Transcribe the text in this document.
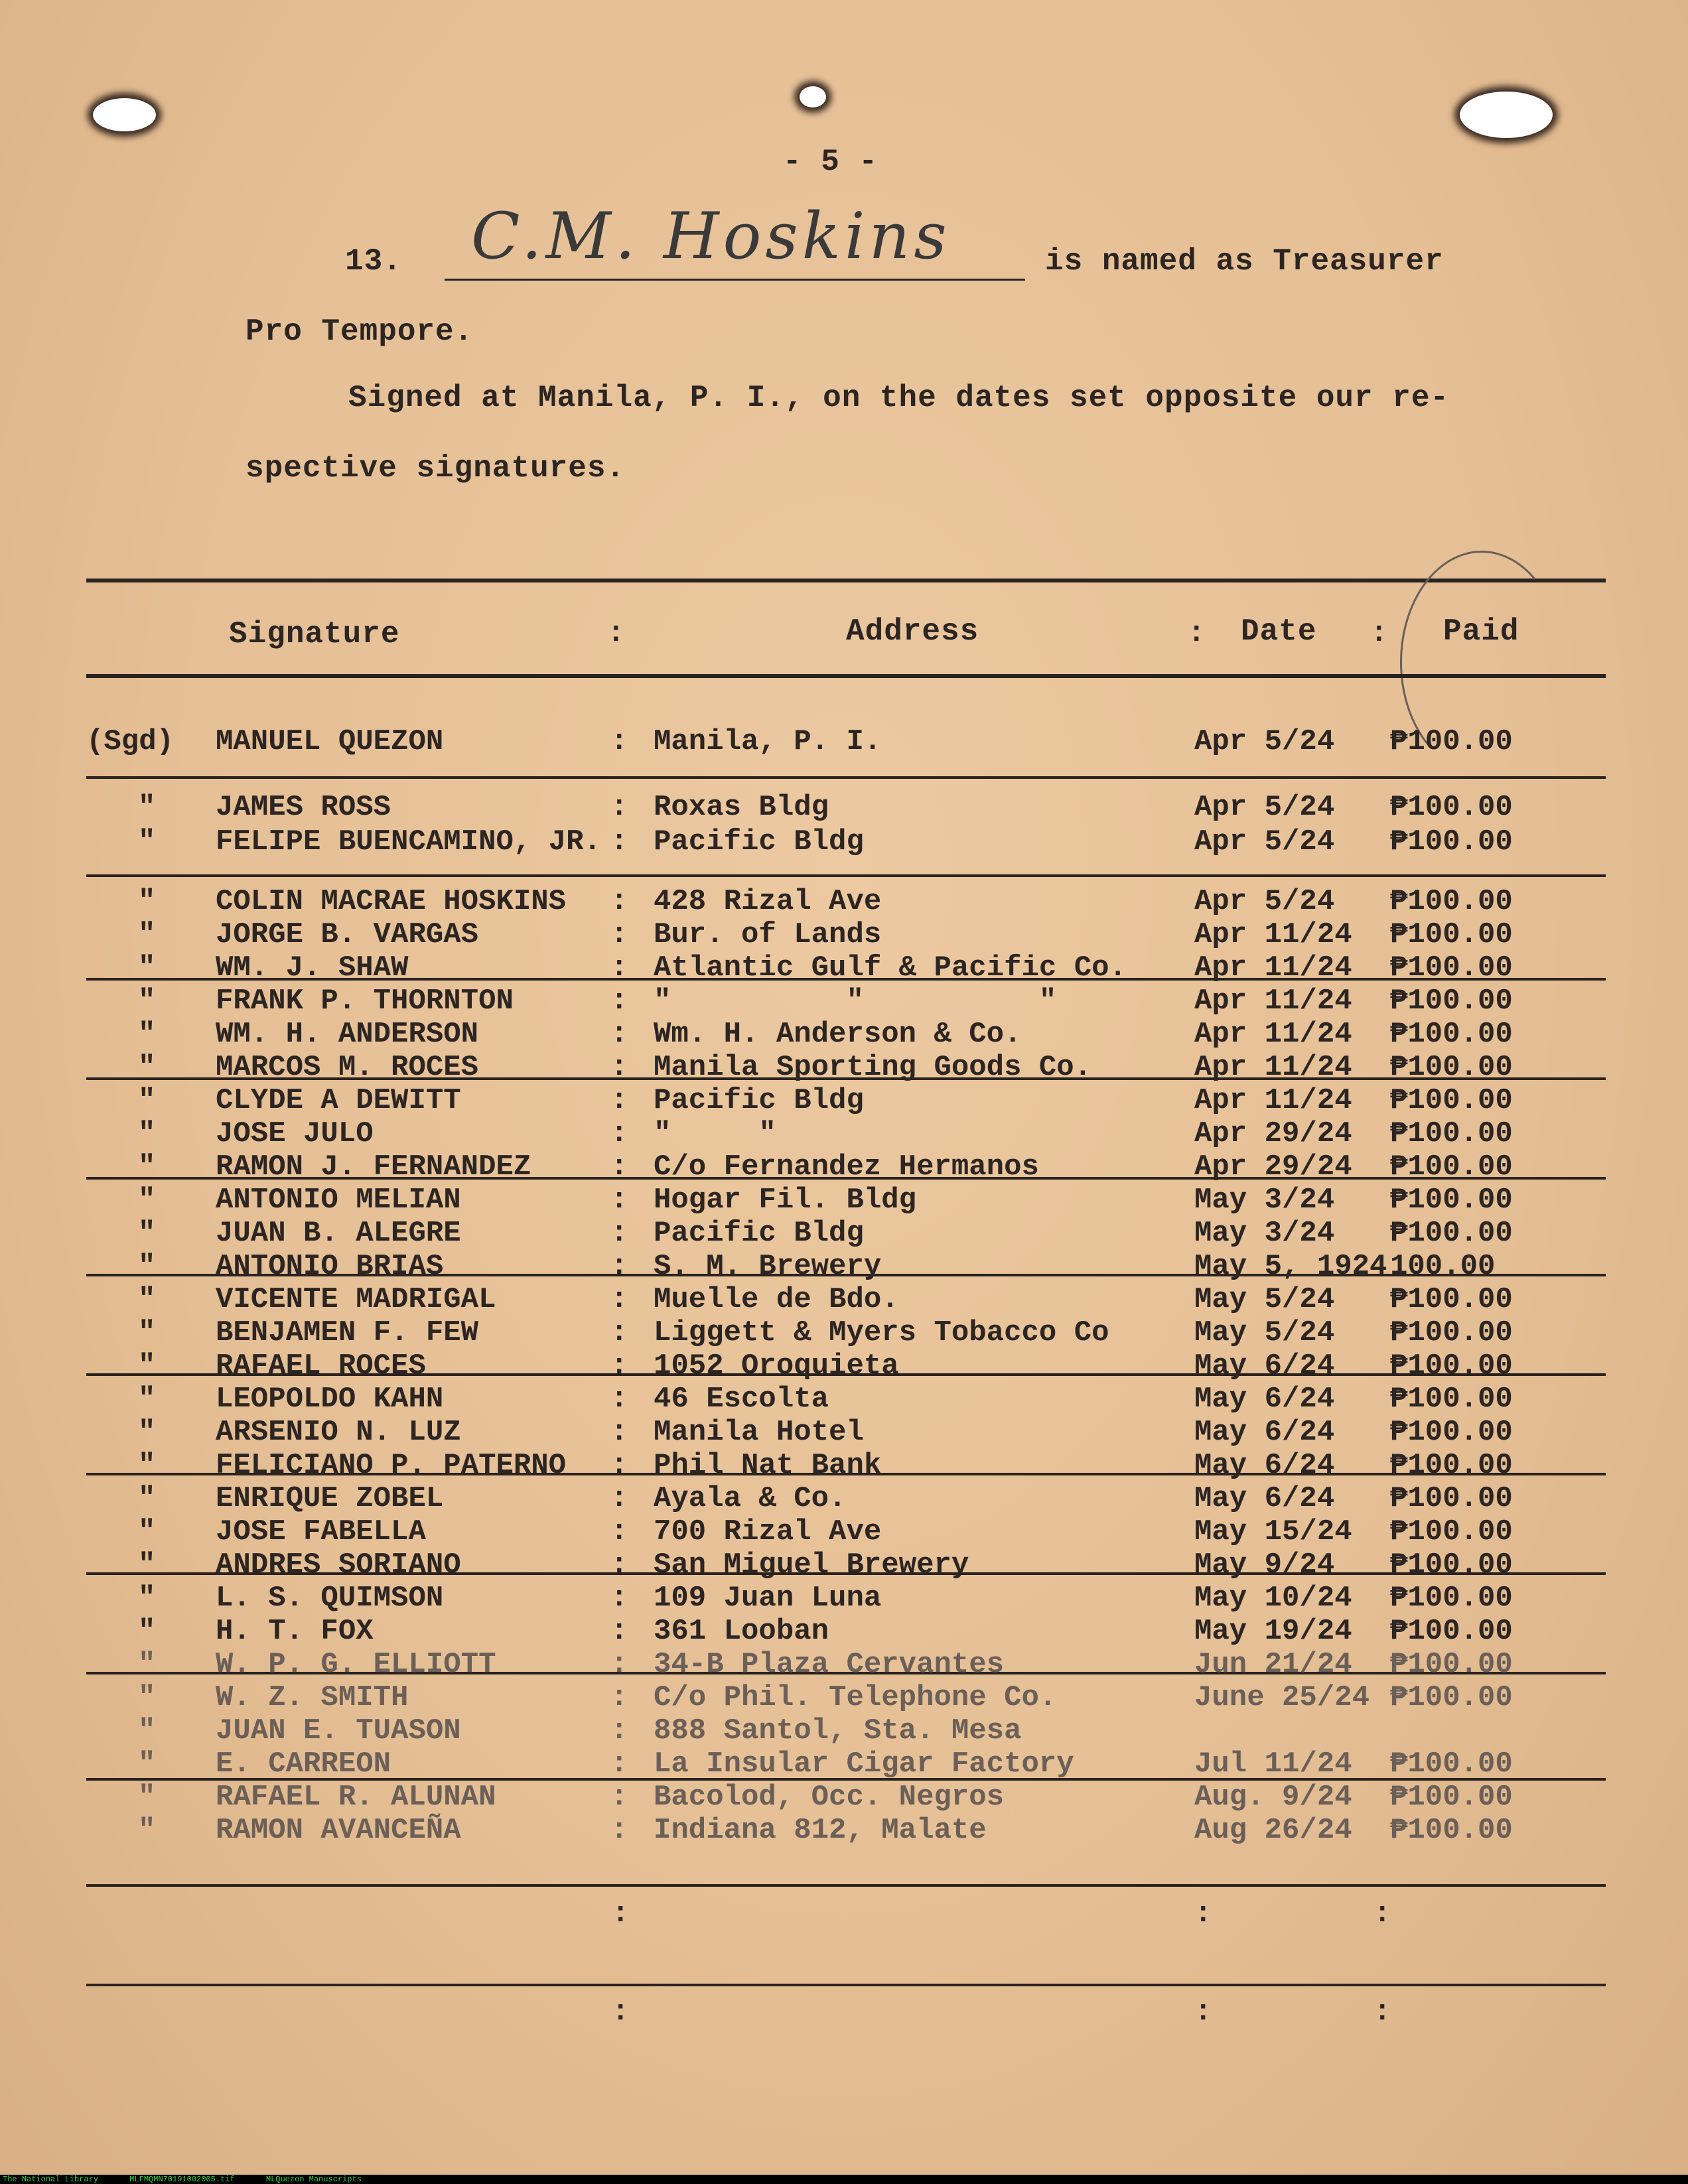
- 5 -
13. C.M. Hoskins	is named as Treasurer
Pro Tempore.
Signed at Manila, P. I., on the dates set opposite our re-
spective signatures.
Signature	:	Address	: Date : Paid
(Sgd) MANUEL QUEZON	Manila, P. I.	Apr 5/24 ₱100.00
:
" JAMES ROSS	Roxas Bldg	Apr 5/24 ₱100.00
:
" FELIPE BUENCAMINO, JR. Pacific Bldg	Apr 5/24 ₱100.00
:
" COLIN MACRAE HOSKINS	428 Rizal Ave	Apr 5/24 ₱100.00
:
" JORGE B. VARGAS	Bur. of Lands	Apr 11/24 ₱100.00
:
" WM. J. SHAW	Atlantic Gulf & Pacific Co. Apr 11/24 ₱100.00
:
" FRANK P. THORNTON	"          "          "	Apr 11/24 ₱100.00
:
" WM. H. ANDERSON	Wm. H. Anderson & Co.	Apr 11/24 ₱100.00
:
" MARCOS M. ROCES	Manila Sporting Goods Co.	Apr 11/24 ₱100.00
:
" CLYDE A DEWITT	Pacific Bldg	Apr 11/24 ₱100.00
:
" JOSE JULO	"     "	Apr 29/24 ₱100.00
:
" RAMON J. FERNANDEZ	C/o Fernandez Hermanos	Apr 29/24 ₱100.00
:
" ANTONIO MELIAN	Hogar Fil. Bldg	May 3/24 ₱100.00
:
" JUAN B. ALEGRE	Pacific Bldg	May 3/24 ₱100.00
:
" ANTONIO BRIAS	S. M. Brewery	May 5, 1924 100.00
:
" VICENTE MADRIGAL	Muelle de Bdo.	May 5/24 ₱100.00
:
" BENJAMEN F. FEW	Liggett & Myers Tobacco Co	May 5/24 ₱100.00
:
" RAFAEL ROCES	1052 Oroquieta	May 6/24 ₱100.00
:
" LEOPOLDO KAHN	46 Escolta	May 6/24 ₱100.00
:
" ARSENIO N. LUZ	Manila Hotel	May 6/24 ₱100.00
:
" FELICIANO P. PATERNO	Phil Nat Bank	May 6/24 ₱100.00
:
" ENRIQUE ZOBEL	Ayala & Co.	May 6/24 ₱100.00
:
" JOSE FABELLA	700 Rizal Ave	May 15/24 ₱100.00
:
" ANDRES SORIANO	San Miguel Brewery	May 9/24 ₱100.00
:
" L. S. QUIMSON	109 Juan Luna	May 10/24 ₱100.00
:
" H. T. FOX	361 Looban	May 19/24 ₱100.00
:
" W. P. G. ELLIOTT	34-B Plaza Cervantes	Jun 21/24 ₱100.00
:
" W. Z. SMITH	C/o Phil. Telephone Co.	June 25/24 ₱100.00
:
" JUAN E. TUASON	888 Santol, Sta. Mesa
:
" E. CARREON	La Insular Cigar Factory	Jul 11/24 ₱100.00
:
" RAFAEL R. ALUNAN	Bacolod, Occ. Negros	Aug. 9/24 ₱100.00
:
" RAMON AVANCEÑA	Indiana 812, Malate	Aug 26/24 ₱100.00
:
:	:	:
:	:	:
The National Library	MLFMQMN70191002005.tif	MLQuezon Manuscripts
